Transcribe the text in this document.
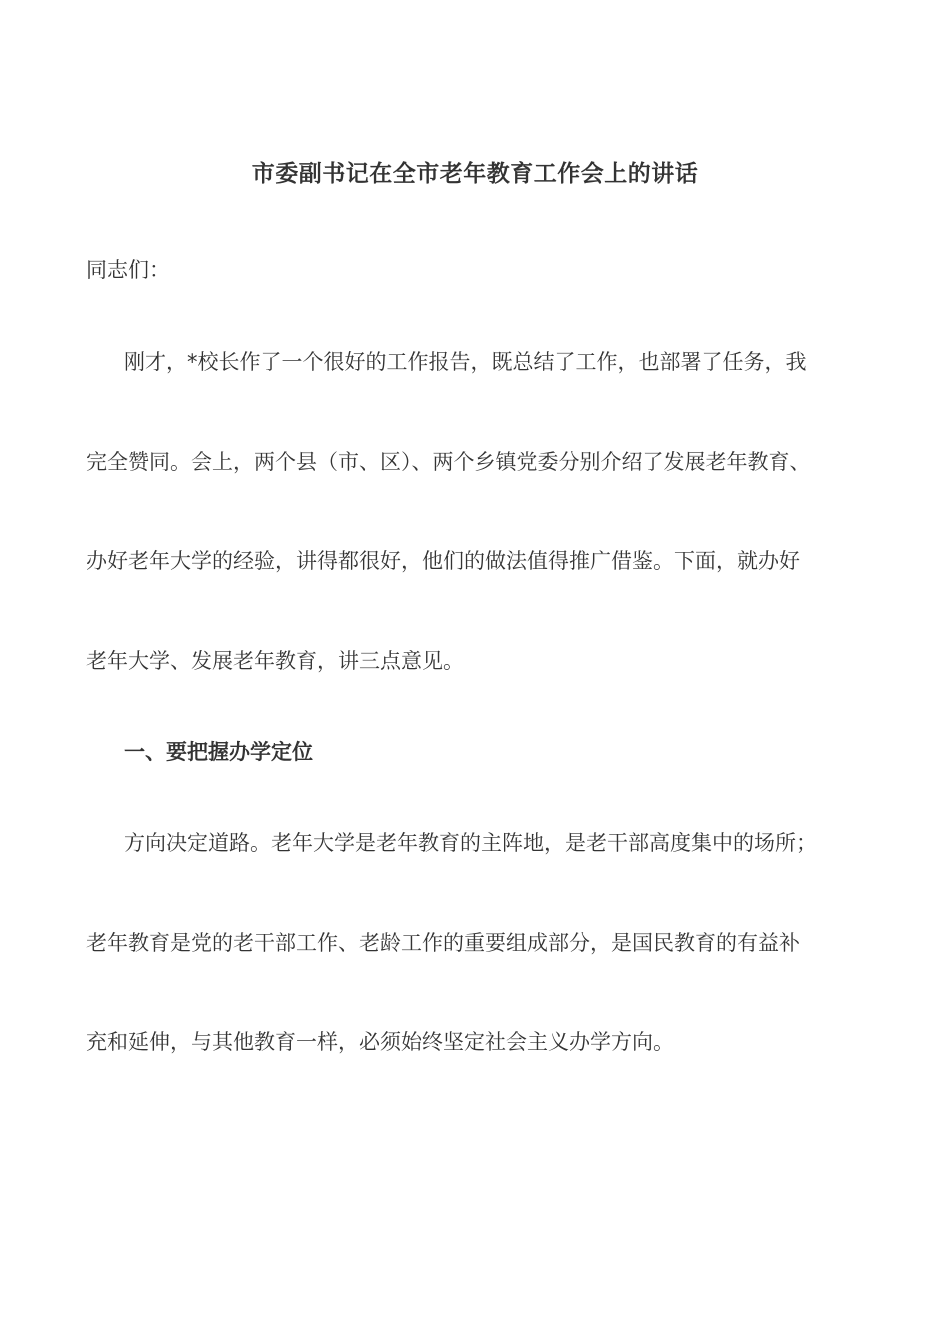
市委副书记在全市老年教育工作会上的讲话
同志们：
刚才，*校长作了一个很好的工作报告，既总结了工作，也部署了任务，我
完全赞同。会上，两个县（市、区）、两个乡镇党委分别介绍了发展老年教育、
办好老年大学的经验，讲得都很好，他们的做法值得推广借鉴。下面，就办好
老年大学、发展老年教育，讲三点意见。
一、要把握办学定位
方向决定道路。老年大学是老年教育的主阵地，是老干部高度集中的场所；
老年教育是党的老干部工作、老龄工作的重要组成部分，是国民教育的有益补
充和延伸，与其他教育一样，必须始终坚定社会主义办学方向。
